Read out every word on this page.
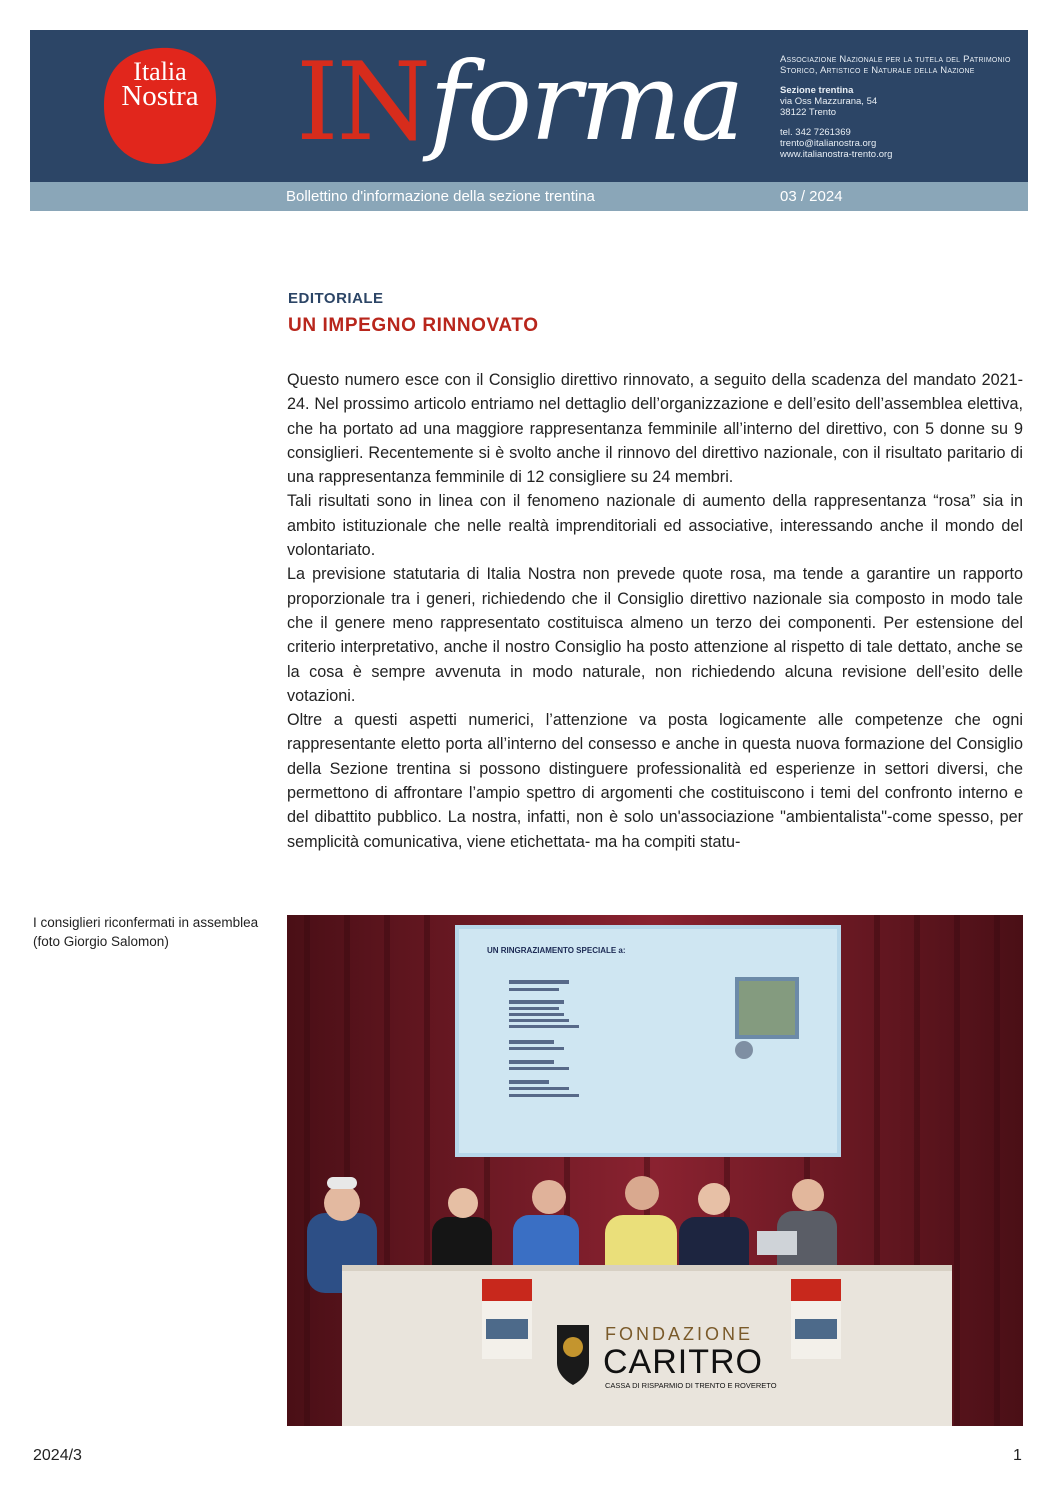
Italia
Nostra INforma	Associazione Nazionale per la tutela del Patrimonio Storico, Artistico e Naturale della Nazione
Sezione trentina
via Oss Mazzurana, 54
38122 Trento
tel. 342 7261369
trento@italianostra.org
www.italianostra-trento.org
Bollettino d'informazione della sezione trentina	03 / 2024
EDITORIALE
UN IMPEGNO RINNOVATO

Questo numero esce con il Consiglio direttivo rinnovato, a seguito della scadenza del mandato 2021-24. Nel prossimo articolo entriamo nel dettaglio dell’organizzazione e dell’esito dell’assemblea elettiva, che ha portato ad una maggiore rappresentanza femminile all’interno del direttivo, con 5 donne su 9 consiglieri. Recentemente si è svolto anche il rinnovo del direttivo nazionale, con il risultato paritario di una rappresentanza femminile di 12 consigliere su 24 membri.

Tali risultati sono in linea con il fenomeno nazionale di aumento della rappresentanza “rosa” sia in ambito istituzionale che nelle realtà imprenditoriali ed associative, interessando anche il mondo del volontariato.

La previsione statutaria di Italia Nostra non prevede quote rosa, ma tende a garantire un rapporto proporzionale tra i generi, richiedendo che il Consiglio direttivo nazionale sia composto in modo tale che il genere meno rappresentato costituisca almeno un terzo dei componenti. Per estensione del criterio interpretativo, anche il nostro Consiglio ha posto attenzione al rispetto di tale dettato, anche se la cosa è sempre avvenuta in modo naturale, non richiedendo alcuna revisione dell’esito delle votazioni.

Oltre a questi aspetti numerici, l’attenzione va posta logicamente alle competenze che ogni rappresentante eletto porta all’interno del consesso e anche in questa nuova formazione del Consiglio della Sezione trentina si possono distinguere professionalità ed esperienze in settori diversi, che permettono di affrontare l’ampio spettro di argomenti che costituiscono i temi del confronto interno e del dibattito pubblico. La nostra, infatti, non è solo un'associazione "ambientalista"-come spesso, per semplicità comunicativa, viene etichettata- ma ha compiti statu-

I consiglieri riconfermati in assemblea (foto Giorgio Salomon)
UN RINGRAZIAMENTO SPECIALE a:
FONDAZIONE
CARITRO
CASSA DI RISPARMIO DI TRENTO E ROVERETO
2024/3	1
